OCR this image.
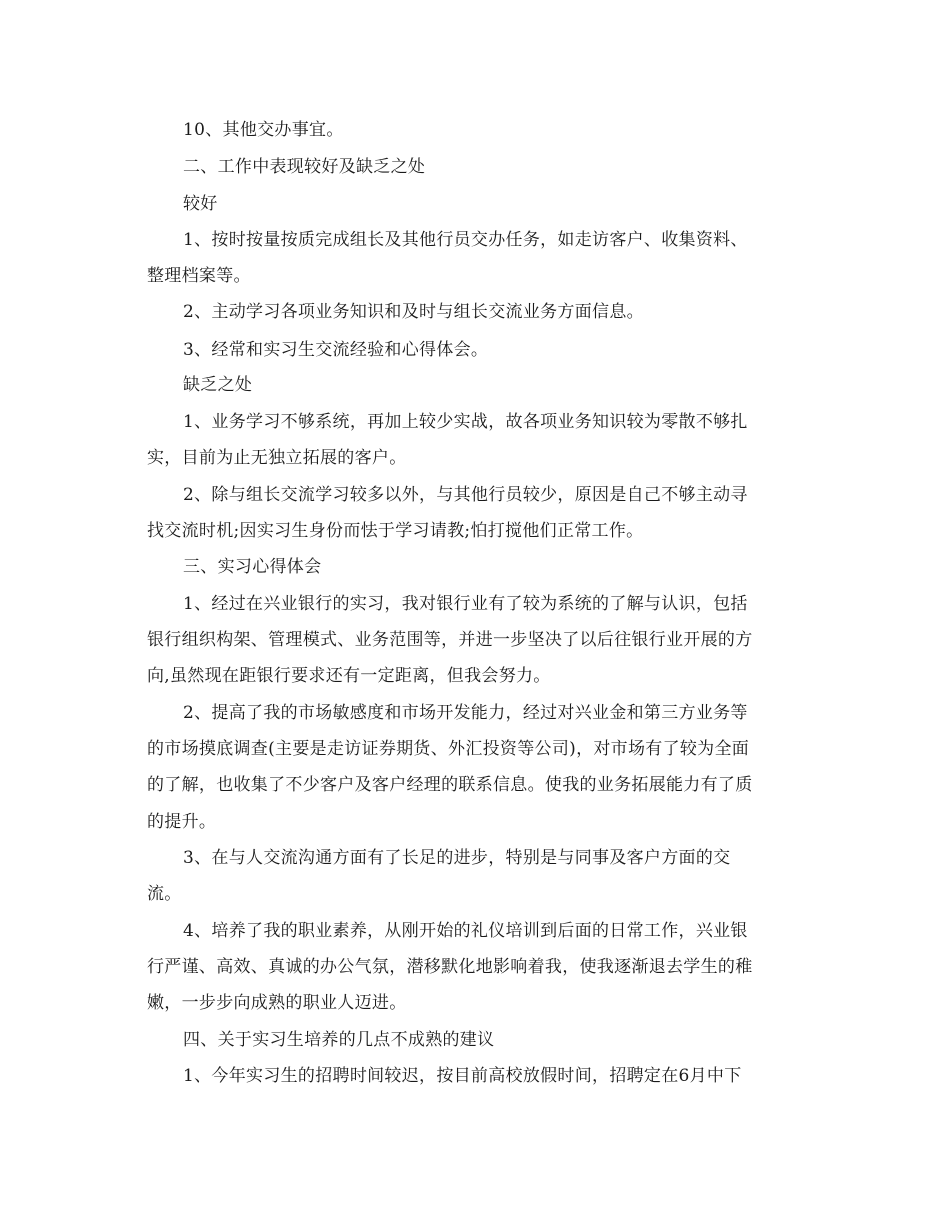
10、其他交办事宜。
二、工作中表现较好及缺乏之处
较好
1、按时按量按质完成组长及其他行员交办任务，如走访客户、收集资料、
整理档案等。
2、主动学习各项业务知识和及时与组长交流业务方面信息。
3、经常和实习生交流经验和心得体会。
缺乏之处
1、业务学习不够系统，再加上较少实战，故各项业务知识较为零散不够扎
实，目前为止无独立拓展的客户。
2、除与组长交流学习较多以外，与其他行员较少，原因是自己不够主动寻
找交流时机;因实习生身份而怯于学习请教;怕打搅他们正常工作。
三、实习心得体会
1、经过在兴业银行的实习，我对银行业有了较为系统的了解与认识，包括
银行组织构架、管理模式、业务范围等，并进一步坚决了以后往银行业开展的方
向,虽然现在距银行要求还有一定距离，但我会努力。
2、提高了我的市场敏感度和市场开发能力，经过对兴业金和第三方业务等
的市场摸底调查(主要是走访证券期货、外汇投资等公司)，对市场有了较为全面
的了解，也收集了不少客户及客户经理的联系信息。使我的业务拓展能力有了质
的提升。
3、在与人交流沟通方面有了长足的进步，特别是与同事及客户方面的交
流。
4、培养了我的职业素养，从刚开始的礼仪培训到后面的日常工作，兴业银
行严谨、高效、真诚的办公气氛，潜移默化地影响着我，使我逐渐退去学生的稚
嫩，一步步向成熟的职业人迈进。
四、关于实习生培养的几点不成熟的建议
1、今年实习生的招聘时间较迟，按目前高校放假时间，招聘定在6月中下
